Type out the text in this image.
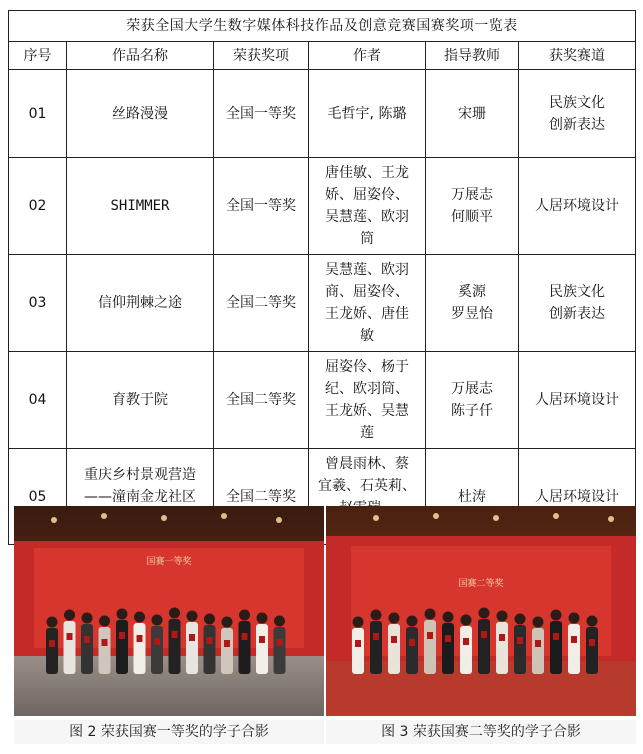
荣获全国大学生数字媒体科技作品及创意竞赛国赛奖项一览表					
序号	作品名称	荣获奖项	作者	指导教师	获奖赛道
01	丝路漫漫	全国一等奖	毛哲宇, 陈璐	宋珊	民族文化
创新表达

02	SHIMMER	全国一等奖	唐佳敏、王龙
娇、屈姿伶、
吴慧莲、欧羽
筒	万展志
何顺平	人居环境设计

03	信仰荆棘之途	全国二等奖	吴慧莲、欧羽
商、屈姿伶、
王龙娇、唐佳
敏	奚源
罗昱怡	民族文化
创新表达

04	育教于院	全国二等奖	屈姿伶、杨于
纪、欧羽筒、
王龙娇、吴慧
莲	万展志
陈子仟	人居环境设计

05	重庆乡村景观营造
——潼南金龙社区	全国二等奖	曾晨雨林、蔡
宜羲、石英莉、	杜涛	人居环境设计
国赛一等奖
图 2 荣获国赛一等奖的学子合影
国赛二等奖
图 3 荣获国赛二等奖的学子合影
